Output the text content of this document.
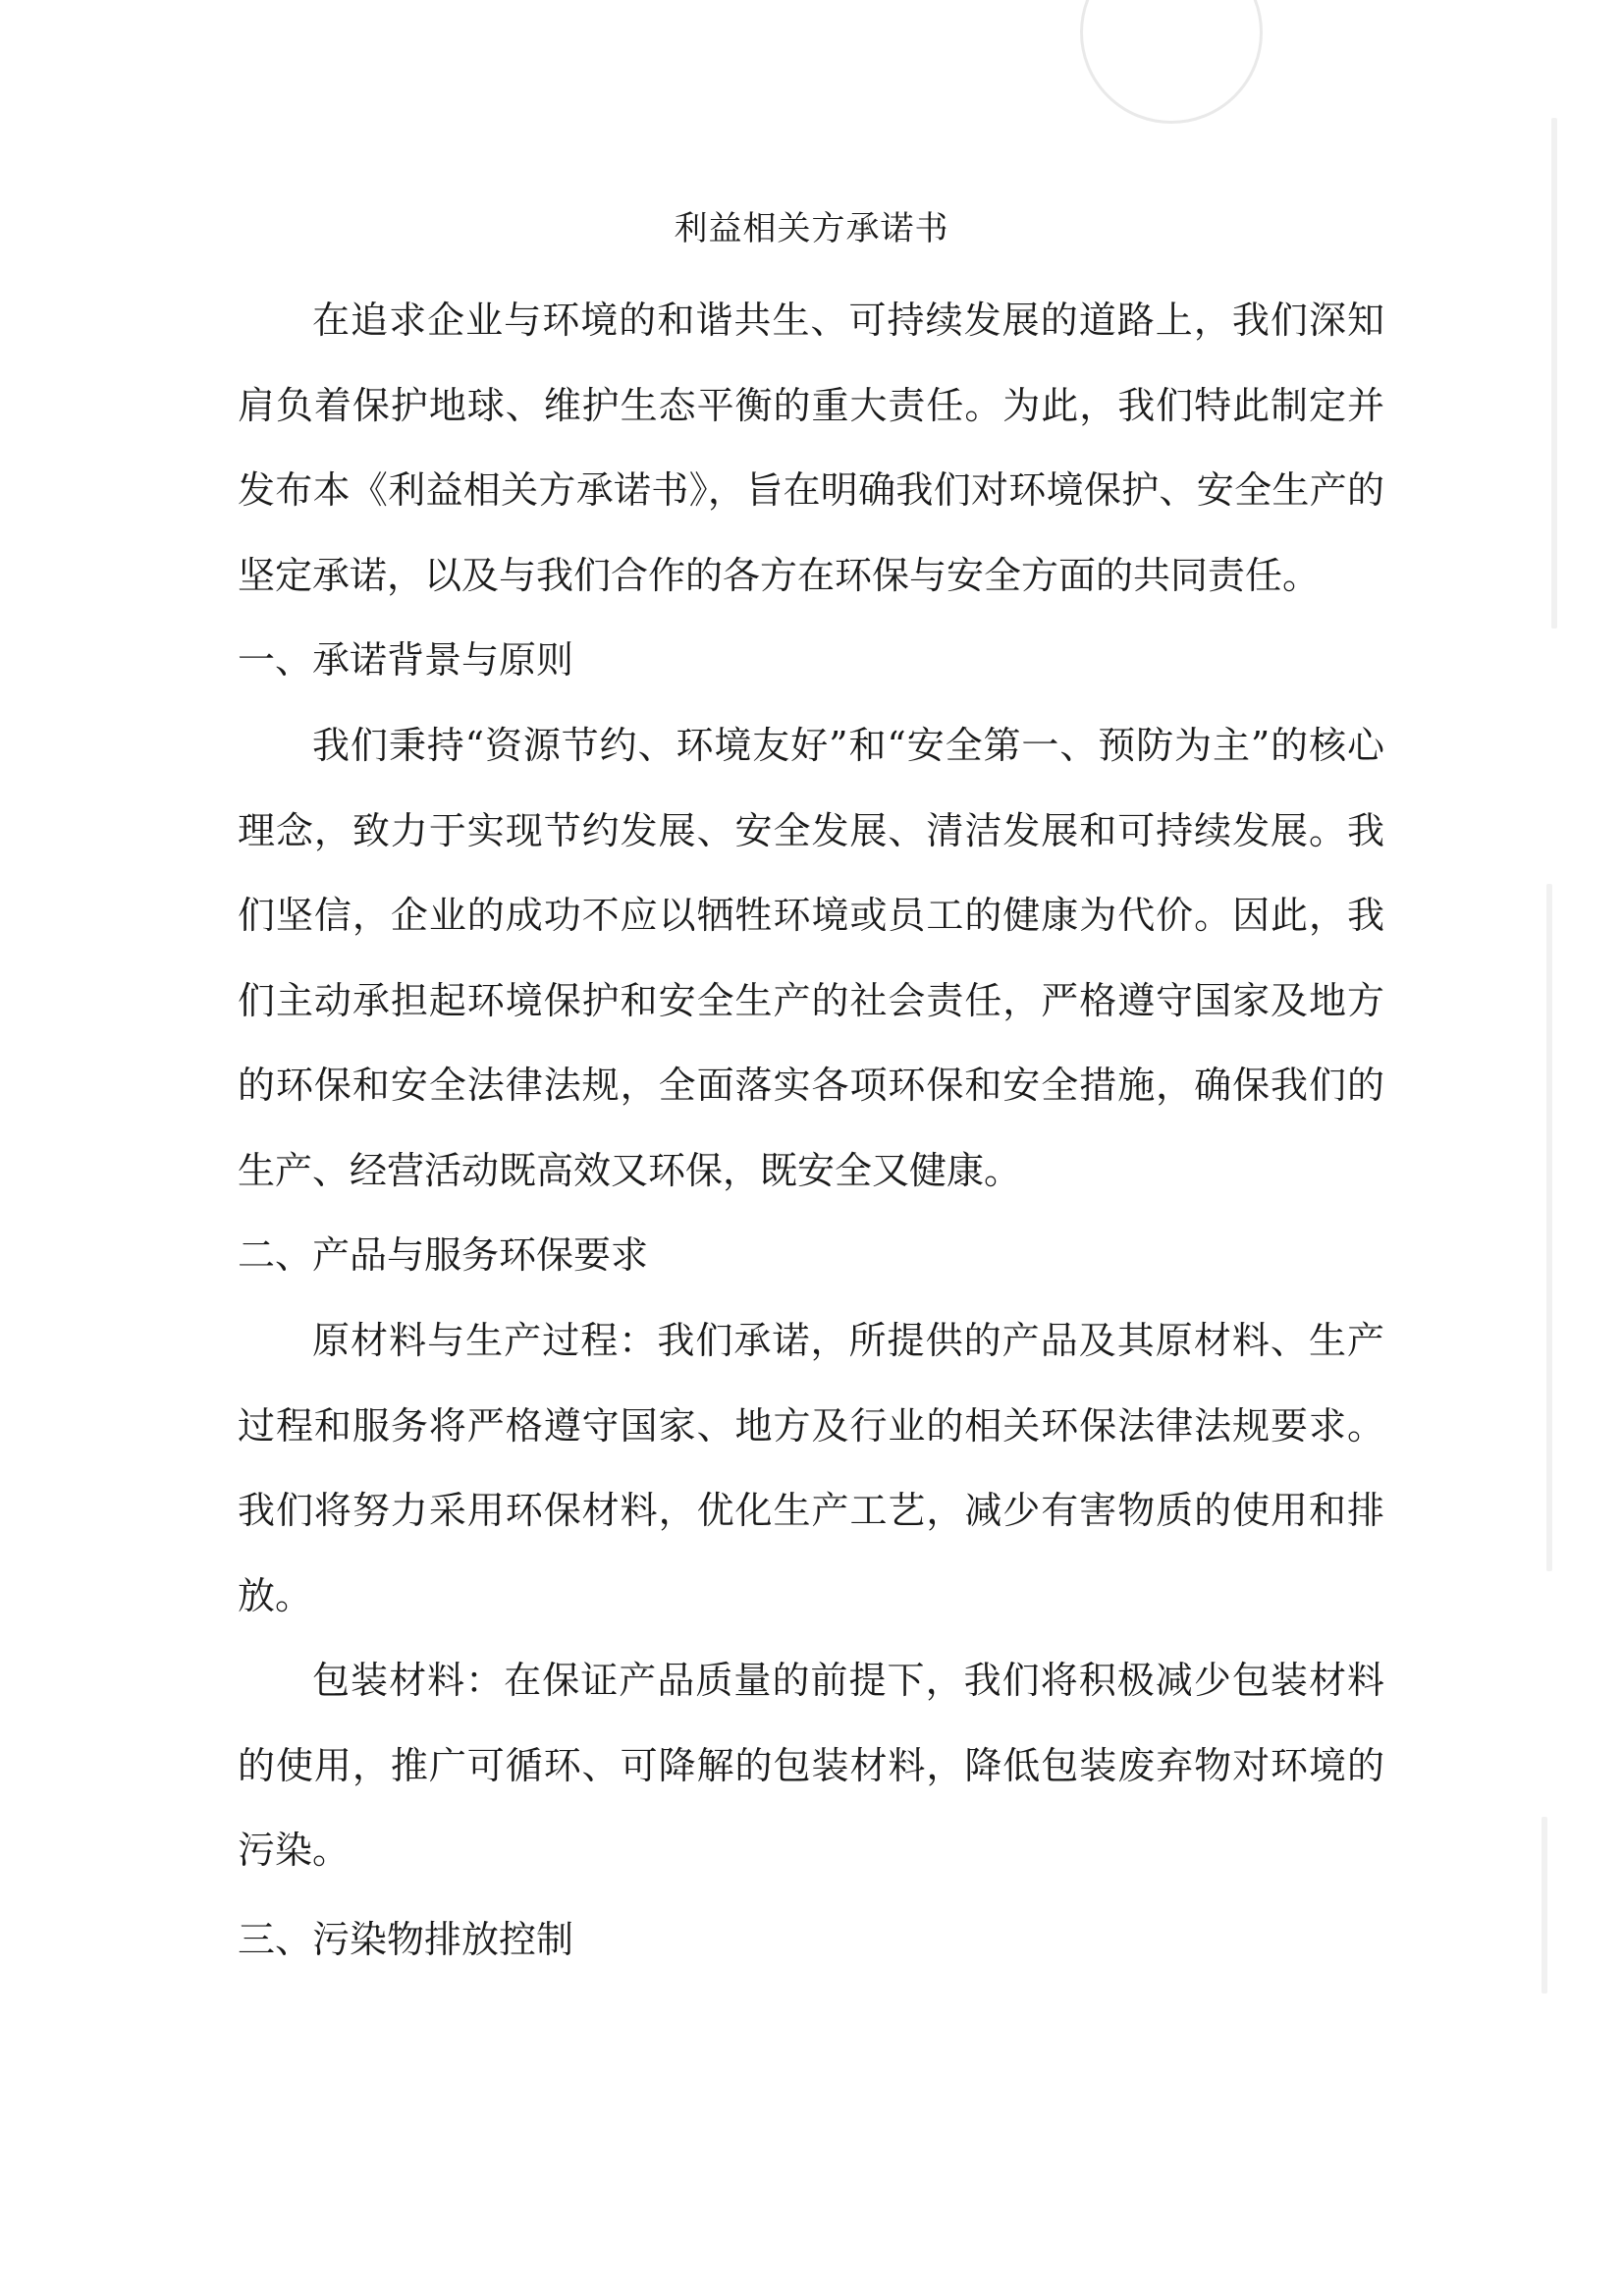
利益相关方承诺书

在追求企业与环境的和谐共生、可持续发展的道路上，我们深知肩负着保护地球、维护生态平衡的重大责任。为此，我们特此制定并发布本《利益相关方承诺书》，旨在明确我们对环境保护、安全生产的坚定承诺，以及与我们合作的各方在环保与安全方面的共同责任。

一、承诺背景与原则

我们秉持“资源节约、环境友好”和“安全第一、预防为主”的核心理念，致力于实现节约发展、安全发展、清洁发展和可持续发展。我们坚信，企业的成功不应以牺牲环境或员工的健康为代价。因此，我们主动承担起环境保护和安全生产的社会责任，严格遵守国家及地方的环保和安全法律法规，全面落实各项环保和安全措施，确保我们的生产、经营活动既高效又环保，既安全又健康。

二、产品与服务环保要求

原材料与生产过程：我们承诺，所提供的产品及其原材料、生产过程和服务将严格遵守国家、地方及行业的相关环保法律法规要求。我们将努力采用环保材料，优化生产工艺，减少有害物质的使用和排放。

包装材料：在保证产品质量的前提下，我们将积极减少包装材料的使用，推广可循环、可降解的包装材料，降低包装废弃物对环境的污染。

三、污染物排放控制
